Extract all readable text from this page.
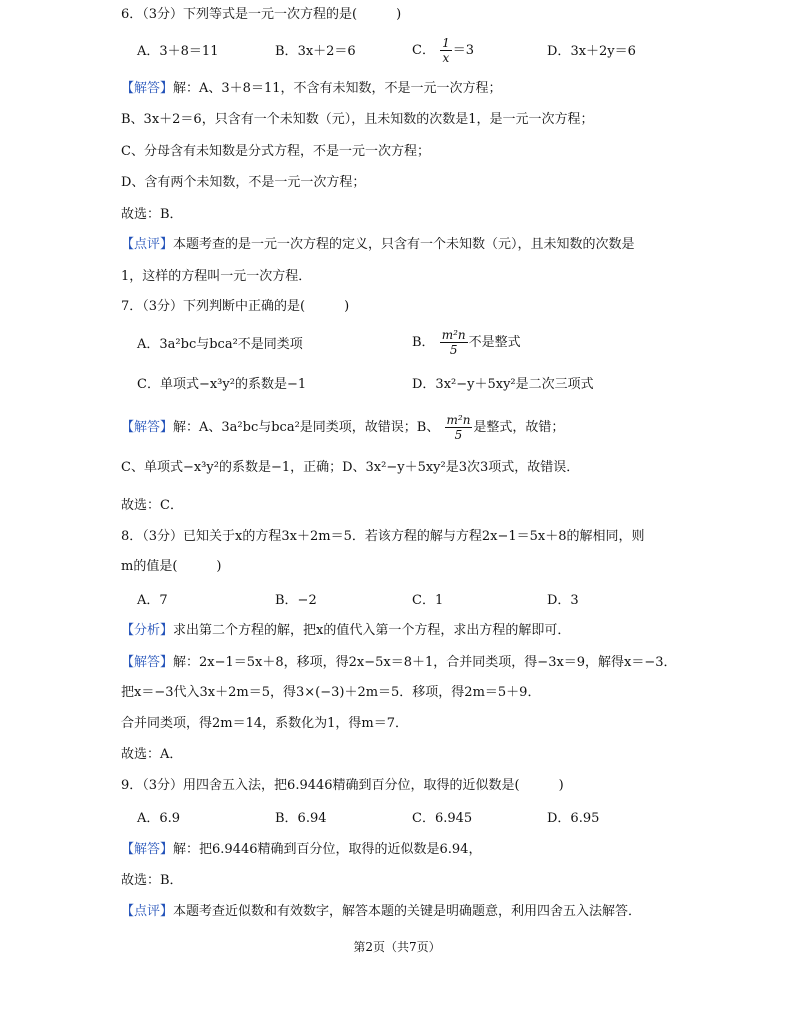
6．（3分）下列等式是一元一次方程的是(　　　)
A．3＋8＝11	B．3x＋2＝6	C． $\frac{1}{x} =3$	D．3x＋2y＝6
【解答】解：A、3＋8＝11，不含有未知数，不是一元一次方程；
B、3x＋2＝6，只含有一个未知数（元），且未知数的次数是1，是一元一次方程；
C、分母含有未知数是分式方程，不是一元一次方程；
D、含有两个未知数，不是一元一次方程；
故选：B．
【点评】本题考查的是一元一次方程的定义，只含有一个未知数（元），且未知数的次数是
1，这样的方程叫一元一次方程．
7．（3分）下列判断中正确的是(　　　)
A．3a²bc与bca²不是同类项	B． $\frac{\text{m²n}}{5}$ 不是整式
C．单项式−x³y²的系数是−1	D．3x²−y＋5xy²是二次三项式
【解答】解：A、3a²bc与bca²是同类项，故错误；B、 $\frac{\text{m²n}}{5}$ 是整式，故错；
C、单项式−x³y²的系数是−1，正确；D、3x²−y＋5xy²是3次3项式，故错误．
故选：C．
8．（3分）已知关于x的方程3x＋2m＝5．若该方程的解与方程2x−1＝5x＋8的解相同，则
m的值是(　　　)
A．7	B．−2	C．1	D．3
【分析】求出第二个方程的解，把x的值代入第一个方程，求出方程的解即可．
【解答】解：2x−1＝5x＋8，移项，得2x−5x＝8＋1，合并同类项，得−3x＝9，解得x＝−3．
把x＝−3代入3x＋2m＝5，得3×(−3)＋2m＝5．移项，得2m＝5＋9．
合并同类项，得2m＝14，系数化为1，得m＝7．
故选：A．
9．（3分）用四舍五入法，把6.9446精确到百分位，取得的近似数是(　　　)
A．6.9	B．6.94	C．6.945	D．6.95
【解答】解：把6.9446精确到百分位，取得的近似数是6.94，
故选：B．
【点评】本题考查近似数和有效数字，解答本题的关键是明确题意，利用四舍五入法解答．
第2页（共7页）
